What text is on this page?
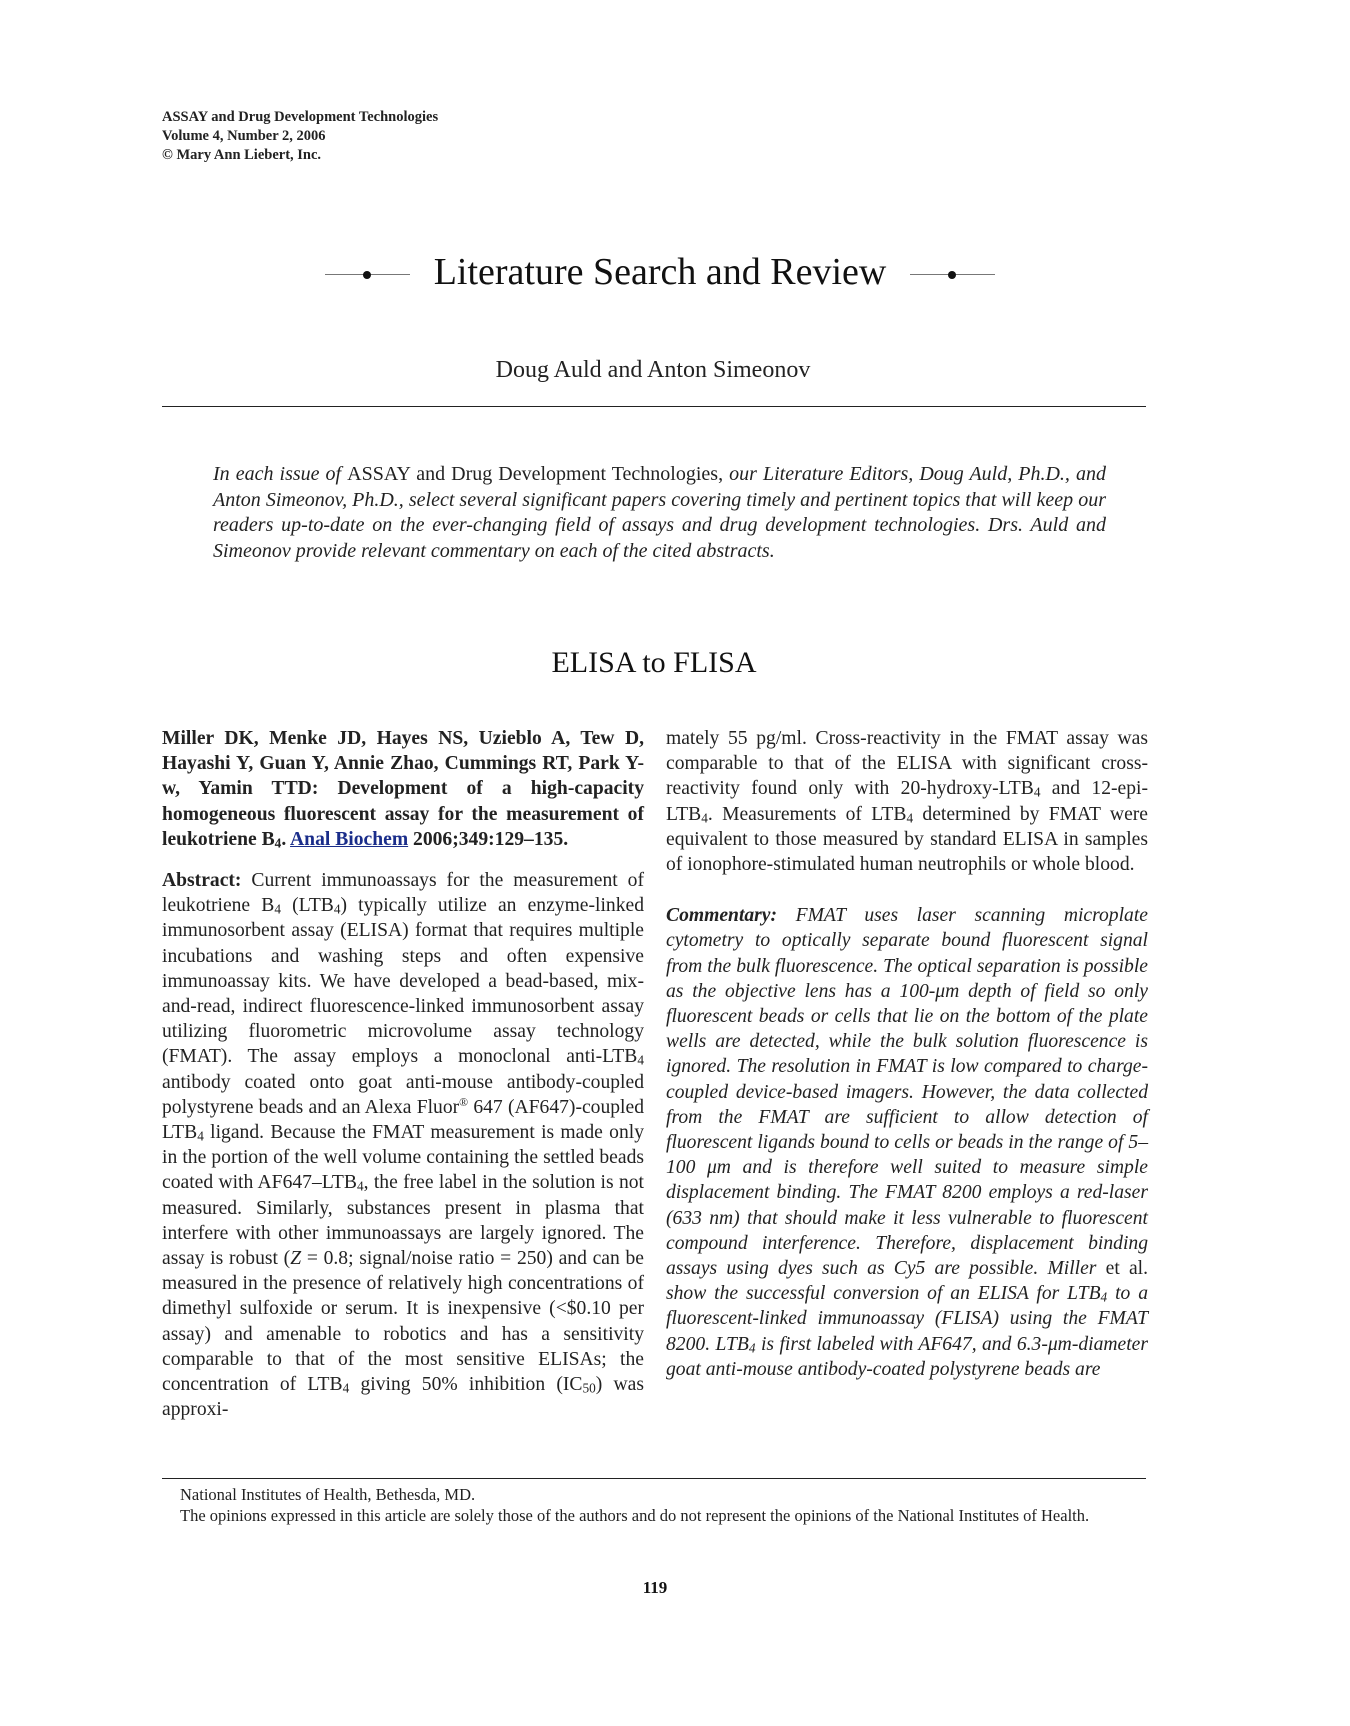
ASSAY and Drug Development Technologies
Volume 4, Number 2, 2006
© Mary Ann Liebert, Inc.
Literature Search and Review
Doug Auld and Anton Simeonov
In each issue of ASSAY and Drug Development Technologies, our Literature Editors, Doug Auld, Ph.D., and Anton Simeonov, Ph.D., select several significant papers covering timely and pertinent topics that will keep our readers up-to-date on the ever-changing field of assays and drug development technologies. Drs. Auld and Simeonov provide relevant commentary on each of the cited abstracts.
ELISA to FLISA
Miller DK, Menke JD, Hayes NS, Uzieblo A, Tew D, Hayashi Y, Guan Y, Annie Zhao, Cummings RT, Park Y-w, Yamin TTD: Development of a high-capacity homogeneous fluorescent assay for the measurement of leukotriene $B_4$. Anal Biochem 2006;349:129–135.
Abstract: Current immunoassays for the measurement of leukotriene $B_4$ $(LTB_4)$ typically utilize an enzyme-linked immunosorbent assay (ELISA) format that requires multiple incubations and washing steps and often expensive immunoassay kits. We have developed a bead-based, mix-and-read, indirect fluorescence-linked immunosorbent assay utilizing fluorometric microvolume assay technology (FMAT). The assay employs a monoclonal anti-$LTB_4$ antibody coated onto goat anti-mouse antibody-coupled polystyrene beads and an Alexa Fluor® 647 (AF647)-coupled $LTB_4$ ligand. Because the FMAT measurement is made only in the portion of the well volume containing the settled beads coated with $AF647-LTB_4$, the free label in the solution is not measured. Similarly, substances present in plasma that interfere with other immunoassays are largely ignored. The assay is robust (Z = 0.8; signal/noise ratio = 250) and can be measured in the presence of relatively high concentrations of dimethyl sulfoxide or serum. It is inexpensive (<$0.10 per assay) and amenable to robotics and has a sensitivity comparable to that of the most sensitive ELISAs; the concentration of $LTB_4$ giving 50% inhibition $(IC_{50})$ was approxi-
mately 55 pg/ml. Cross-reactivity in the FMAT assay was comparable to that of the ELISA with significant cross-reactivity found only with $20-hydroxy-LTB_4$ and $12-epi-LTB_4$. Measurements of $LTB_4$ determined by FMAT were equivalent to those measured by standard ELISA in samples of ionophore-stimulated human neutrophils or whole blood.
Commentary: FMAT uses laser scanning microplate cytometry to optically separate bound fluorescent signal from the bulk fluorescence. The optical separation is possible as the objective lens has a 100-μm depth of field so only fluorescent beads or cells that lie on the bottom of the plate wells are detected, while the bulk solution fluorescence is ignored. The resolution in FMAT is low compared to charge-coupled device-based imagers. However, the data collected from the FMAT are sufficient to allow detection of fluorescent ligands bound to cells or beads in the range of 5–100 μm and is therefore well suited to measure simple displacement binding. The FMAT 8200 employs a red-laser (633 nm) that should make it less vulnerable to fluorescent compound interference. Therefore, displacement binding assays using dyes such as Cy5 are possible. Miller et al. show the successful conversion of an ELISA for $LTB_4$ to a fluorescent-linked immunoassay (FLISA) using the FMAT 8200. $LTB_4$ is first labeled with AF647, and 6.3-μm-diameter goat anti-mouse antibody-coated polystyrene beads are

National Institutes of Health, Bethesda, MD.

The opinions expressed in this article are solely those of the authors and do not represent the opinions of the National Institutes of Health.

119
